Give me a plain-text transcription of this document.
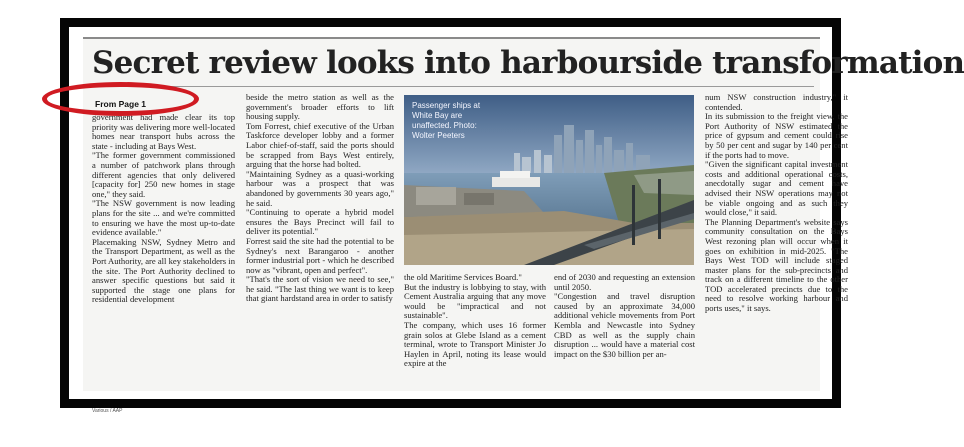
Secret review looks into harbourside transformation
From Page 1
government had made clear its top priority was delivering more well-located homes near transport hubs across the state - including at Bays West.
"The former government commissioned a number of patchwork plans through different agencies that only delivered [capacity for] 250 new homes in stage one," they said.
"The NSW government is now leading plans for the site ... and we're committed to ensuring we have the most up-to-date evidence available."
Placemaking NSW, Sydney Metro and the Transport Department, as well as the Port Authority, are all key stakeholders in the site. The Port Authority declined to answer specific questions but said it supported the stage one plans for residential development
beside the metro station as well as the government's broader efforts to lift housing supply.
Tom Forrest, chief executive of the Urban Taskforce developer lobby and a former Labor chief-of-staff, said the ports should be scrapped from Bays West entirely, arguing that the horse had bolted.
"Maintaining Sydney as a quasi-working harbour was a prospect that was abandoned by governments 30 years ago," he said.
"Continuing to operate a hybrid model ensures the Bays Precinct will fail to deliver its potential."
Forrest said the site had the potential to be Sydney's next Barangaroo - another former industrial port - which he described now as "vibrant, open and perfect".
"That's the sort of vision we need to see," he said. "The last thing we want is to keep that giant hardstand area in order to satisfy
Passenger ships at White Bay are unaffected. Photo: Wolter Peeters
the old Maritime Services Board."
But the industry is lobbying to stay, with Cement Australia arguing that any move would be "impractical and not sustainable".
The company, which uses 16 former grain solos at Glebe Island as a cement terminal, wrote to Transport Minister Jo Haylen in April, noting its lease would expire at the
end of 2030 and requesting an extension until 2050.
"Congestion and travel disruption caused by an approximate 34,000 additional vehicle movements from Port Kembla and Newcastle into Sydney CBD as well as the supply chain disruption ... would have a material cost impact on the $30 billion per an-
num NSW construction industry," it contended.
In its submission to the freight view, the Port Authority of NSW estimated the price of gypsum and cement could rise by 50 per cent and sugar by 140 per cent if the ports had to move.
"Given the significant capital investment costs and additional operational costs, anecdotally sugar and cement have advised their NSW operations may not be viable ongoing and as such they would close," it said.
The Planning Department's website says community consultation on the Bays West rezoning plan will occur when it goes on exhibition in mid-2025. "The Bays West TOD will include staged master plans for the sub-precincts and track on a different timeline to the other TOD accelerated precincts due to the need to resolve working harbour and ports uses," it says.
Various / AAP
